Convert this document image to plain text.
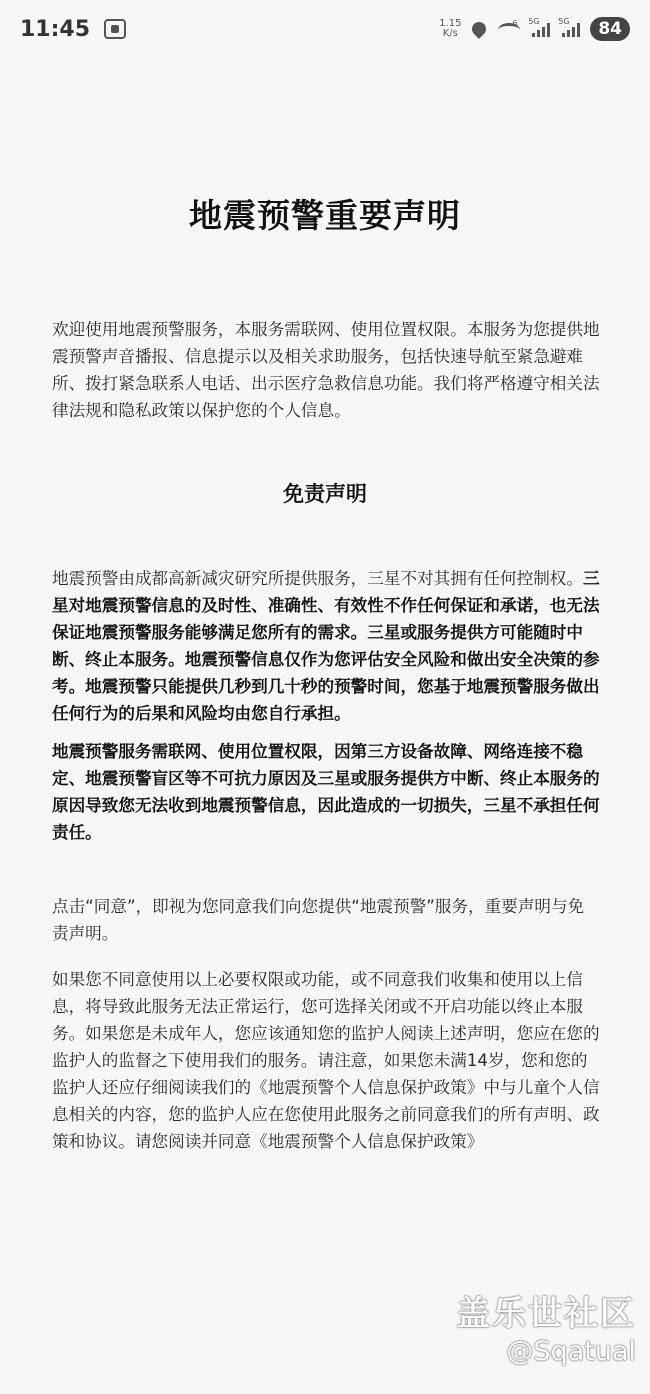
11:45	1.15
K/s
6 5G 5G	84
地震预警重要声明

欢迎使用地震预警服务，本服务需联网、使用位置权限。本服务为您提供地震预警声音播报、信息提示以及相关求助服务，包括快速导航至紧急避难所、拨打紧急联系人电话、出示医疗急救信息功能。我们将严格遵守相关法律法规和隐私政策以保护您的个人信息。

免责声明

地震预警由成都高新减灾研究所提供服务，三星不对其拥有任何控制权。三星对地震预警信息的及时性、准确性、有效性不作任何保证和承诺，也无法保证地震预警服务能够满足您所有的需求。三星或服务提供方可能随时中断、终止本服务。地震预警信息仅作为您评估安全风险和做出安全决策的参考。地震预警只能提供几秒到几十秒的预警时间，您基于地震预警服务做出任何行为的后果和风险均由您自行承担。

地震预警服务需联网、使用位置权限，因第三方设备故障、网络连接不稳定、地震预警盲区等不可抗力原因及三星或服务提供方中断、终止本服务的原因导致您无法收到地震预警信息，因此造成的一切损失，三星不承担任何责任。

点击“同意”，即视为您同意我们向您提供“地震预警”服务，重要声明与免责声明。

如果您不同意使用以上必要权限或功能，或不同意我们收集和使用以上信息，将导致此服务无法正常运行，您可选择关闭或不开启功能以终止本服务。如果您是未成年人，您应该通知您的监护人阅读上述声明，您应在您的监护人的监督之下使用我们的服务。请注意，如果您未满14岁，您和您的监护人还应仔细阅读我们的《地震预警个人信息保护政策》中与儿童个人信息相关的内容，您的监护人应在您使用此服务之前同意我们的所有声明、政策和协议。请您阅读并同意《地震预警个人信息保护政策》

盖乐世社区
@Sqatual
